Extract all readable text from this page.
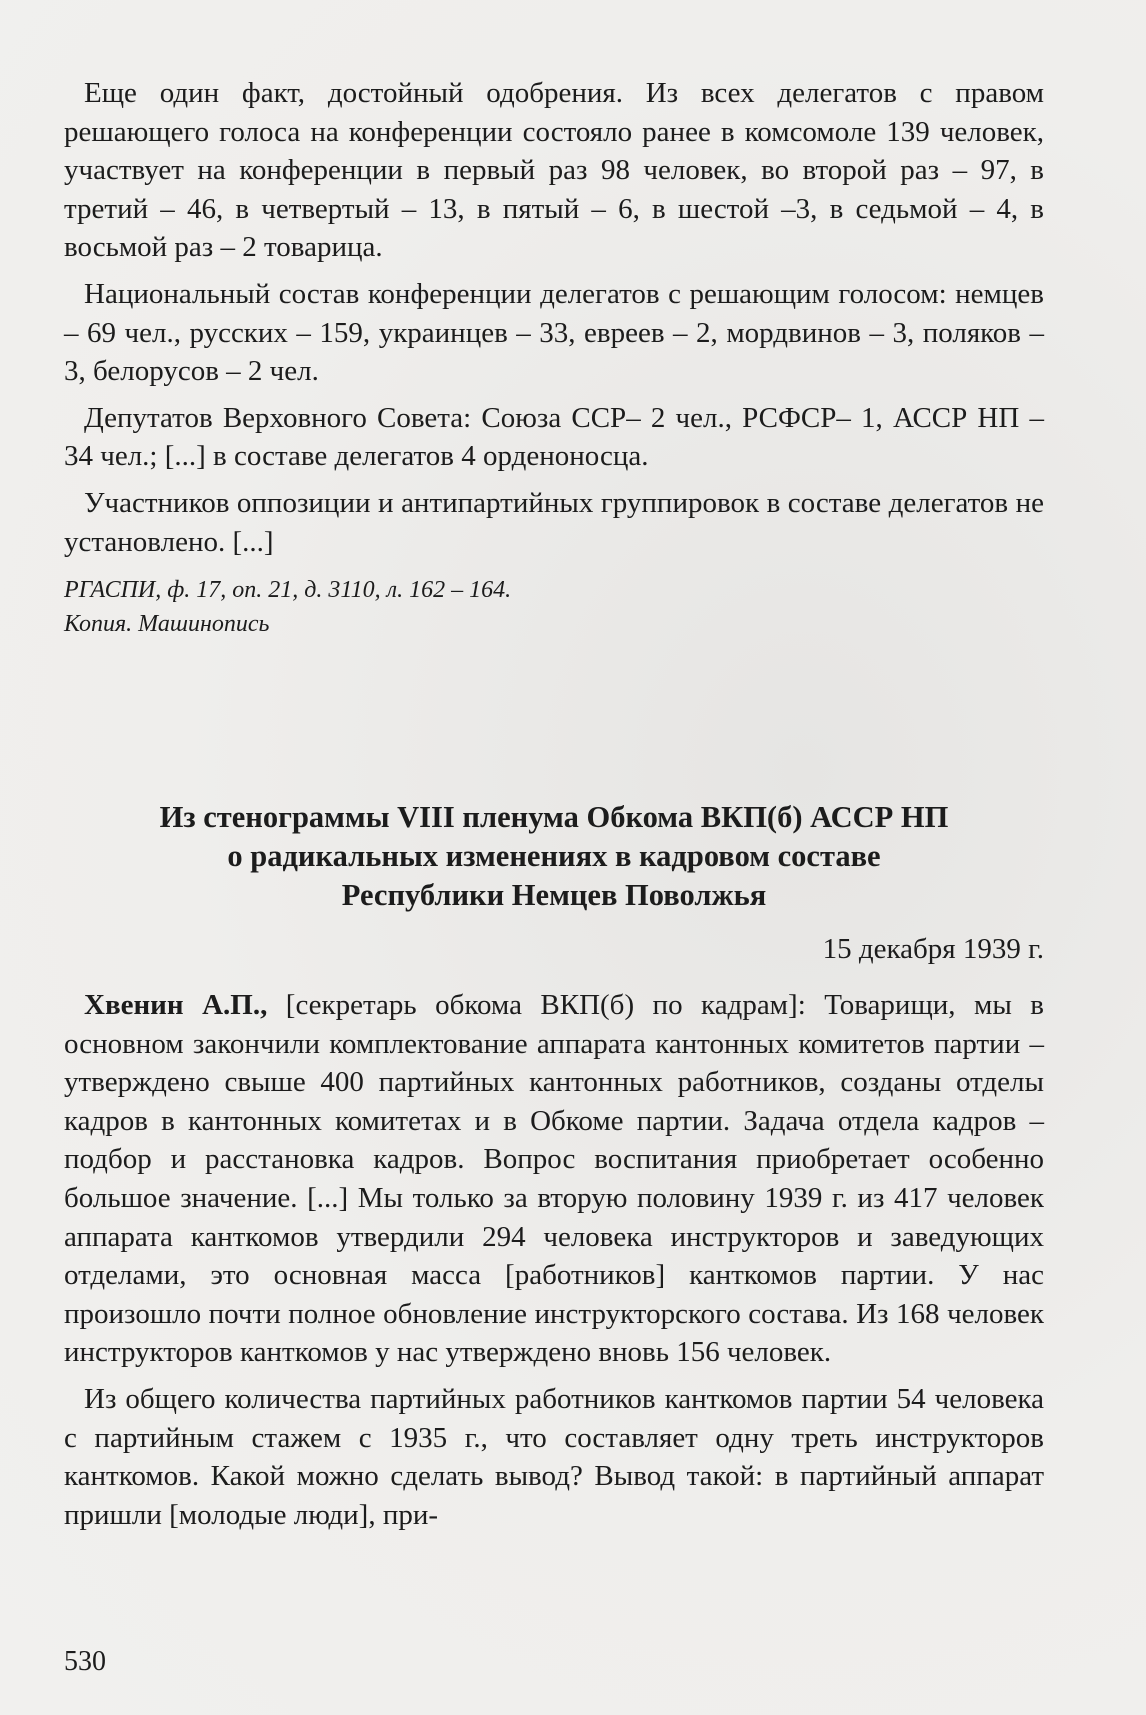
Еще один факт, достойный одобрения. Из всех делегатов с правом решающего голоса на конференции состояло ранее в комсомоле 139 человек, участвует на конференции в первый раз 98 человек, во второй раз – 97, в третий – 46, в четвертый – 13, в пятый – 6, в шестой –3, в седьмой – 4, в восьмой раз – 2 товарица.

Национальный состав конференции делегатов с решающим голосом: немцев – 69 чел., русских – 159, украинцев – 33, евреев – 2, мордвинов – 3, поляков – 3, белорусов – 2 чел.

Депутатов Верховного Совета: Союза ССР– 2 чел., РСФСР– 1, АССР НП – 34 чел.; [...] в составе делегатов 4 орденоносца.

Участников оппозиции и антипартийных группировок в составе делегатов не установлено. [...]

РГАСПИ, ф. 17, оп. 21, д. 3110, л. 162 – 164.
Копия. Машинопись
Из стенограммы VIII пленума Обкома ВКП(б) АССР НП
о радикальных изменениях в кадровом составе
Республики Немцев Поволжья
15 декабря 1939 г.

Хвенин А.П., [секретарь обкома ВКП(б) по кадрам]: Товарищи, мы в основном закончили комплектование аппарата кантонных комитетов партии – утверждено свыше 400 партийных кантонных работников, созданы отделы кадров в кантонных комитетах и в Обкоме партии. Задача отдела кадров – подбор и расстановка кадров. Вопрос воспитания приобретает особенно большое значение. [...] Мы только за вторую половину 1939 г. из 417 человек аппарата канткомов утвердили 294 человека инструкторов и заведующих отделами, это основная масса [работников] канткомов партии. У нас произошло почти полное обновление инструкторского состава. Из 168 человек инструкторов канткомов у нас утверждено вновь 156 человек.

Из общего количества партийных работников канткомов партии 54 человека с партийным стажем с 1935 г., что составляет одну треть инструкторов канткомов. Какой можно сделать вывод? Вывод такой: в партийный аппарат пришли [молодые люди], при-

530
